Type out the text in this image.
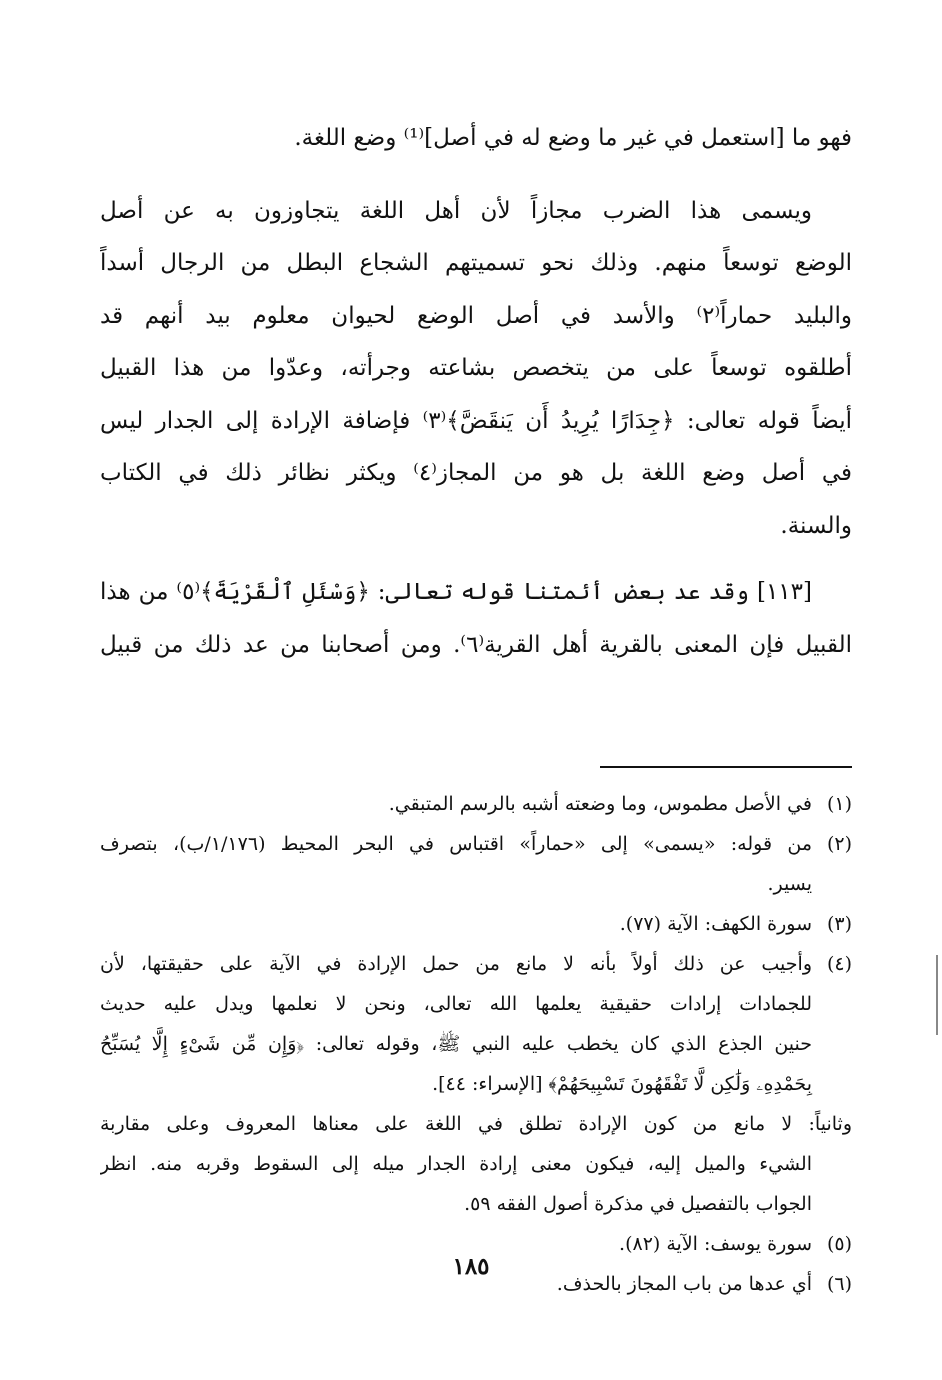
فهو ما [استعمل في غير ما وضع له في أصل]⁽¹⁾ وضع اللغة.
ويسمى هذا الضرب مجازاً لأن أهل اللغة يتجاوزون به عن أصل
الوضع توسعاً منهم. وذلك نحو تسميتهم الشجاع البطل من الرجال أسداً
والبليد حماراً⁽٢⁾ والأسد في أصل الوضع لحيوان معلوم بيد أنهم قد
أطلقوه توسعاً على من يتخصص بشاعته وجرأته، وعدّوا من هذا القبيل
أيضاً قوله تعالى: ﴿جِدَارًا يُرِيدُ أَن يَنقَضَّ﴾⁽٣⁾ فإضافة الإرادة إلى الجدار ليس
في أصل وضع اللغة بل هو من المجاز⁽٤⁾ ويكثر نظائر ذلك في الكتاب
والسنة.
[١١٣] وقد عد بعض أئمتنا قوله تعالى: ﴿وَسْئَلِ ٱلْقَرْيَةَ﴾⁽٥⁾ من هذا
القبيل فإن المعنى بالقرية أهل القرية⁽٦⁾. ومن أصحابنا من عد ذلك من قبيل
(١)في الأصل مطموس، وما وضعته أشبه بالرسم المتبقي.
(٢)من قوله: «يسمى» إلى «حماراً» اقتباس في البحر المحيط (١/١٧٦/ب)، بتصرف
يسير.
(٣)سورة الكهف: الآية (٧٧).
(٤)وأجيب عن ذلك أولاً بأنه لا مانع من حمل الإرادة في الآية على حقيقتها، لأن
للجمادات إرادات حقيقية يعلمها الله تعالى، ونحن لا نعلمها ويدل عليه حديث
حنين الجذع الذي كان يخطب عليه النبي ﷺ، وقوله تعالى: ﴿وَإِن مِّن شَىْءٍ إِلَّا يُسَبِّحُ
بِحَمْدِهِۦ وَلَٰكِن لَّا تَفْقَهُونَ تَسْبِيحَهُمْ﴾ [الإسراء: ٤٤].
وثانياً: لا مانع من كون الإرادة تطلق في اللغة على معناها المعروف وعلى مقاربة
الشيء والميل إليه، فيكون معنى إرادة الجدار ميله إلى السقوط وقربه منه. انظر
الجواب بالتفصيل في مذكرة أصول الفقه ٥٩.
(٥)سورة يوسف: الآية (٨٢).
(٦)أي عدها من باب المجاز بالحذف.
١٨٥
